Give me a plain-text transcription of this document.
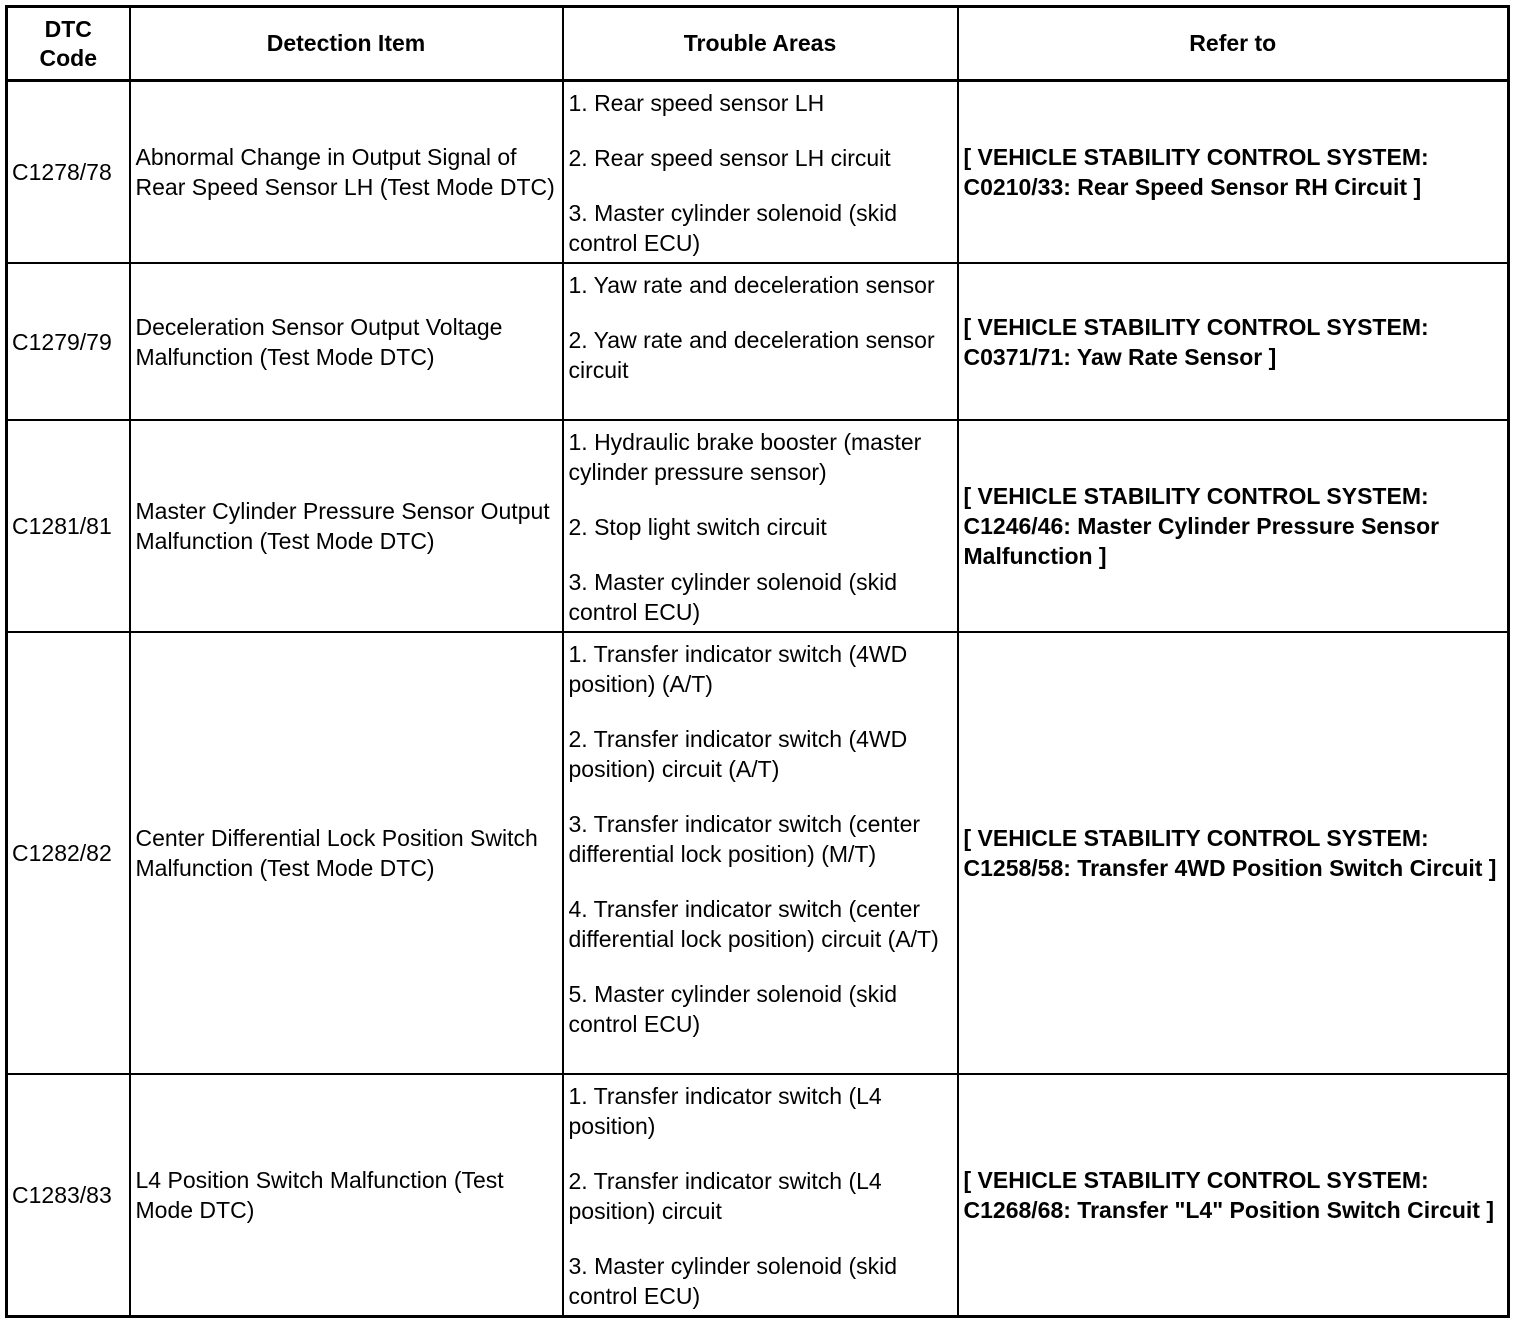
DTC Code	Detection Item	Trouble Areas	Refer to
C1278/78	Abnormal Change in Output Signal of Rear Speed Sensor LH (Test Mode DTC)	1. Rear speed sensor LH
2. Rear speed sensor LH circuit
3. Master cylinder solenoid (skid control ECU)	[ VEHICLE STABILITY CONTROL SYSTEM: C0210/33: Rear Speed Sensor RH Circuit ]
C1279/79	Deceleration Sensor Output Voltage Malfunction (Test Mode DTC)	1. Yaw rate and deceleration sensor
2. Yaw rate and deceleration sensor circuit	[ VEHICLE STABILITY CONTROL SYSTEM: C0371/71: Yaw Rate Sensor ]
C1281/81	Master Cylinder Pressure Sensor Output Malfunction (Test Mode DTC)	1. Hydraulic brake booster (master cylinder pressure sensor)
2. Stop light switch circuit
3. Master cylinder solenoid (skid control ECU)	[ VEHICLE STABILITY CONTROL SYSTEM: C1246/46: Master Cylinder Pressure Sensor Malfunction ]
C1282/82	Center Differential Lock Position Switch Malfunction (Test Mode DTC)	1. Transfer indicator switch (4WD position) (A/T)
2. Transfer indicator switch (4WD position) circuit (A/T)
3. Transfer indicator switch (center differential lock position) (M/T)
4. Transfer indicator switch (center differential lock position) circuit (A/T)
5. Master cylinder solenoid (skid control ECU)	[ VEHICLE STABILITY CONTROL SYSTEM: C1258/58: Transfer 4WD Position Switch Circuit ]
C1283/83	L4 Position Switch Malfunction (Test Mode DTC)	1. Transfer indicator switch (L4 position)
2. Transfer indicator switch (L4 position) circuit
3. Master cylinder solenoid (skid control ECU)	[ VEHICLE STABILITY CONTROL SYSTEM: C1268/68: Transfer "L4" Position Switch Circuit ]
